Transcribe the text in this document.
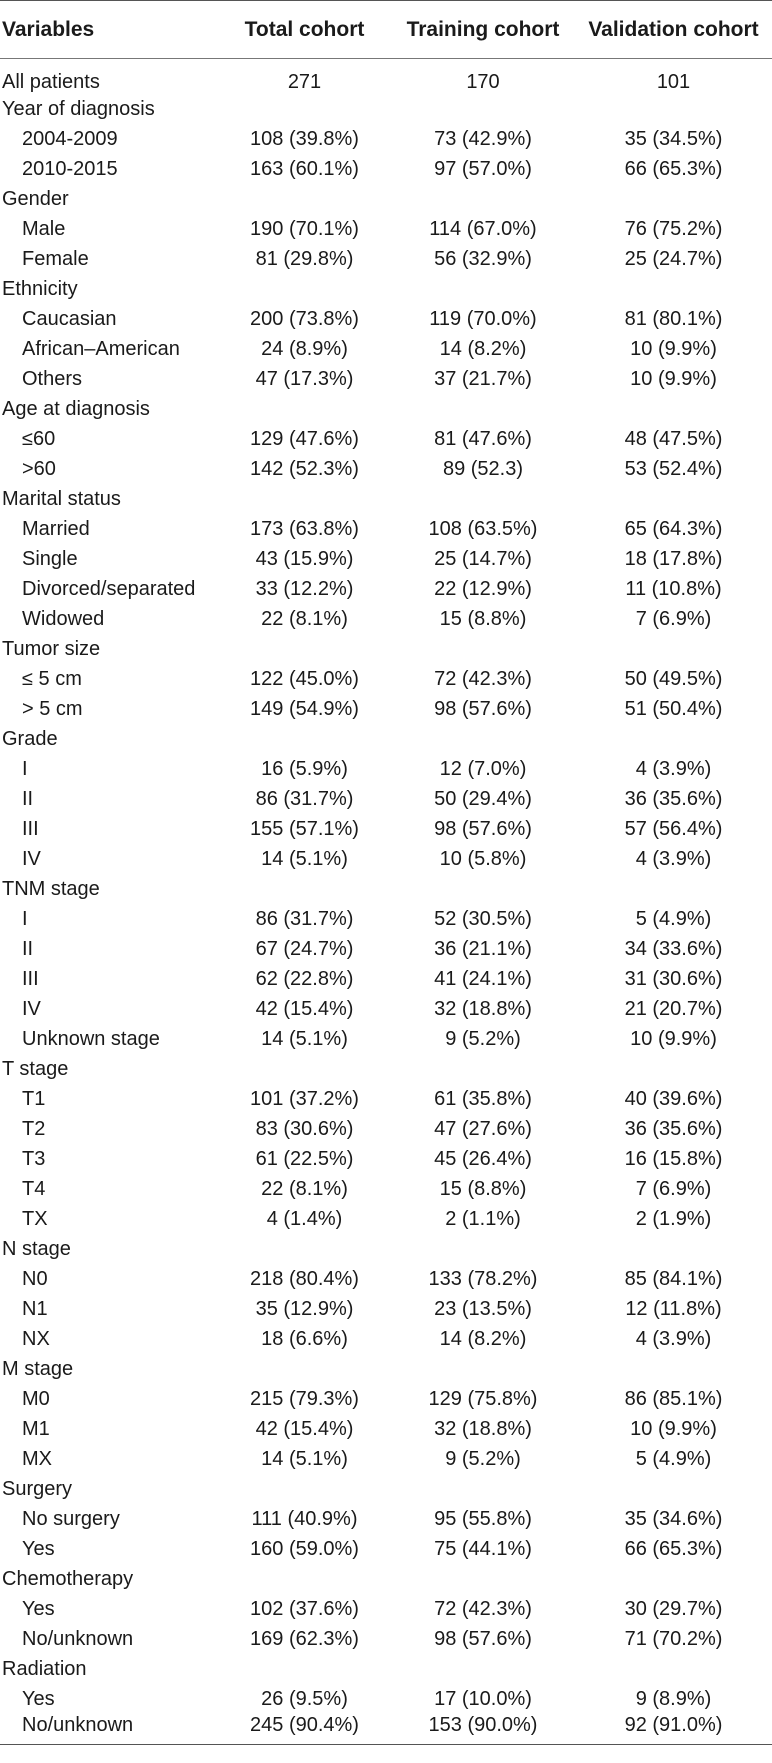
Variables	Total cohort	Training cohort	Validation cohort
All patients	271	170	101
Year of diagnosis			
2004-2009	108 (39.8%)	73 (42.9%)	35 (34.5%)
2010-2015	163 (60.1%)	97 (57.0%)	66 (65.3%)
Gender			
Male	190 (70.1%)	114 (67.0%)	76 (75.2%)
Female	81 (29.8%)	56 (32.9%)	25 (24.7%)
Ethnicity			
Caucasian	200 (73.8%)	119 (70.0%)	81 (80.1%)
African–American	24 (8.9%)	14 (8.2%)	10 (9.9%)
Others	47 (17.3%)	37 (21.7%)	10 (9.9%)
Age at diagnosis			
≤60	129 (47.6%)	81 (47.6%)	48 (47.5%)
>60	142 (52.3%)	89 (52.3)	53 (52.4%)
Marital status			
Married	173 (63.8%)	108 (63.5%)	65 (64.3%)
Single	43 (15.9%)	25 (14.7%)	18 (17.8%)
Divorced/separated	33 (12.2%)	22 (12.9%)	11 (10.8%)
Widowed	22 (8.1%)	15 (8.8%)	7 (6.9%)
Tumor size			
≤ 5 cm	122 (45.0%)	72 (42.3%)	50 (49.5%)
> 5 cm	149 (54.9%)	98 (57.6%)	51 (50.4%)
Grade			
I	16 (5.9%)	12 (7.0%)	4 (3.9%)
II	86 (31.7%)	50 (29.4%)	36 (35.6%)
III	155 (57.1%)	98 (57.6%)	57 (56.4%)
IV	14 (5.1%)	10 (5.8%)	4 (3.9%)
TNM stage			
I	86 (31.7%)	52 (30.5%)	5 (4.9%)
II	67 (24.7%)	36 (21.1%)	34 (33.6%)
III	62 (22.8%)	41 (24.1%)	31 (30.6%)
IV	42 (15.4%)	32 (18.8%)	21 (20.7%)
Unknown stage	14 (5.1%)	9 (5.2%)	10 (9.9%)
T stage			
T1	101 (37.2%)	61 (35.8%)	40 (39.6%)
T2	83 (30.6%)	47 (27.6%)	36 (35.6%)
T3	61 (22.5%)	45 (26.4%)	16 (15.8%)
T4	22 (8.1%)	15 (8.8%)	7 (6.9%)
TX	4 (1.4%)	2 (1.1%)	2 (1.9%)
N stage			
N0	218 (80.4%)	133 (78.2%)	85 (84.1%)
N1	35 (12.9%)	23 (13.5%)	12 (11.8%)
NX	18 (6.6%)	14 (8.2%)	4 (3.9%)
M stage			
M0	215 (79.3%)	129 (75.8%)	86 (85.1%)
M1	42 (15.4%)	32 (18.8%)	10 (9.9%)
MX	14 (5.1%)	9 (5.2%)	5 (4.9%)
Surgery			
No surgery	111 (40.9%)	95 (55.8%)	35 (34.6%)
Yes	160 (59.0%)	75 (44.1%)	66 (65.3%)
Chemotherapy			
Yes	102 (37.6%)	72 (42.3%)	30 (29.7%)
No/unknown	169 (62.3%)	98 (57.6%)	71 (70.2%)
Radiation			
Yes	26 (9.5%)	17 (10.0%)	9 (8.9%)
No/unknown	245 (90.4%)	153 (90.0%)	92 (91.0%)
